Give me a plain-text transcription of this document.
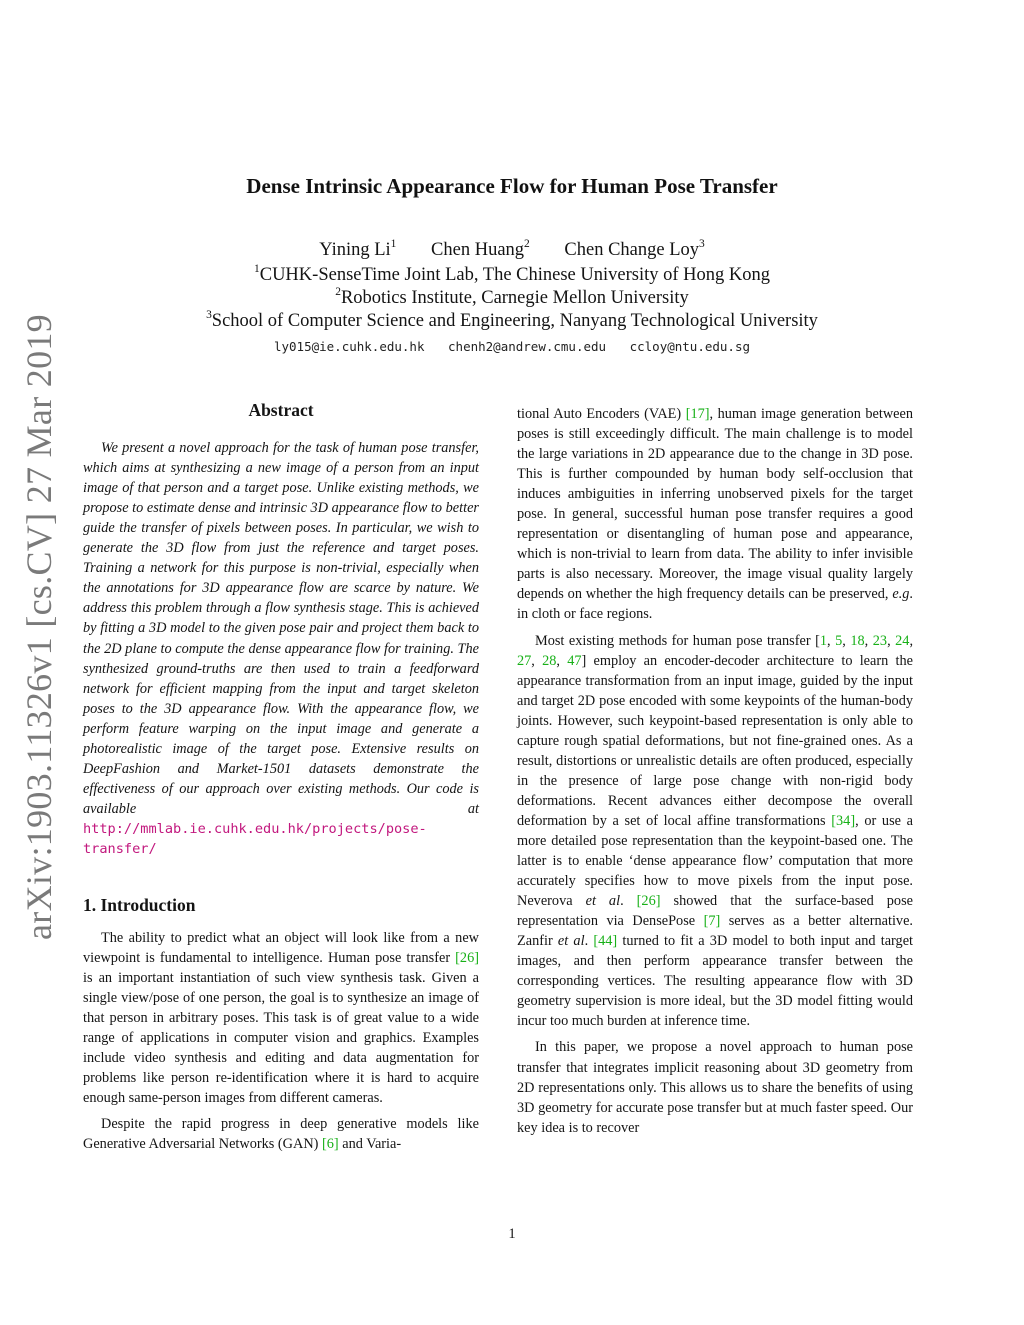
arXiv:1903.11326v1 [cs.CV] 27 Mar 2019
Dense Intrinsic Appearance Flow for Human Pose Transfer
Yining Li$^1$ Chen Huang$^2$ Chen Change Loy$^3$
$^1$CUHK-SenseTime Joint Lab, The Chinese University of Hong Kong
$^2$Robotics Institute, Carnegie Mellon University
$^3$School of Computer Science and Engineering, Nanyang Technological University
ly015@ie.cuhk.edu.hk chenh2@andrew.cmu.edu ccloy@ntu.edu.sg
Abstract

We present a novel approach for the task of human pose transfer, which aims at synthesizing a new image of a person from an input image of that person and a target pose. Unlike existing methods, we propose to estimate dense and intrinsic 3D appearance flow to better guide the transfer of pixels between poses. In particular, we wish to generate the 3D flow from just the reference and target poses. Training a network for this purpose is non-trivial, especially when the annotations for 3D appearance flow are scarce by nature. We address this problem through a flow synthesis stage. This is achieved by fitting a 3D model to the given pose pair and project them back to the 2D plane to compute the dense appearance flow for training. The synthesized ground-truths are then used to train a feedforward network for efficient mapping from the input and target skeleton poses to the 3D appearance flow. With the appearance flow, we perform feature warping on the input image and generate a photorealistic image of the target pose. Extensive results on DeepFashion and Market-1501 datasets demonstrate the effectiveness of our approach over existing methods. Our code is available at http://mmlab.ie.cuhk.edu.hk/projects/pose-transfer/

1. Introduction

The ability to predict what an object will look like from a new viewpoint is fundamental to intelligence. Human pose transfer [26] is an important instantiation of such view synthesis task. Given a single view/pose of one person, the goal is to synthesize an image of that person in arbitrary poses. This task is of great value to a wide range of applications in computer vision and graphics. Examples include video synthesis and editing and data augmentation for problems like person re-identification where it is hard to acquire enough same-person images from different cameras.

Despite the rapid progress in deep generative models like Generative Adversarial Networks (GAN) [6] and Varia-

tional Auto Encoders (VAE) [17], human image generation between poses is still exceedingly difficult. The main challenge is to model the large variations in 2D appearance due to the change in 3D pose. This is further compounded by human body self-occlusion that induces ambiguities in inferring unobserved pixels for the target pose. In general, successful human pose transfer requires a good representation or disentangling of human pose and appearance, which is non-trivial to learn from data. The ability to infer invisible parts is also necessary. Moreover, the image visual quality largely depends on whether the high frequency details can be preserved, e.g. in cloth or face regions.

Most existing methods for human pose transfer [1, 5, 18, 23, 24, 27, 28, 47] employ an encoder-decoder architecture to learn the appearance transformation from an input image, guided by the input and target 2D pose encoded with some keypoints of the human-body joints. However, such keypoint-based representation is only able to capture rough spatial deformations, but not fine-grained ones. As a result, distortions or unrealistic details are often produced, especially in the presence of large pose change with non-rigid body deformations. Recent advances either decompose the overall deformation by a set of local affine transformations [34], or use a more detailed pose representation than the keypoint-based one. The latter is to enable ‘dense appearance flow’ computation that more accurately specifies how to move pixels from the input pose. Neverova et al. [26] showed that the surface-based pose representation via DensePose [7] serves as a better alternative. Zanfir et al. [44] turned to fit a 3D model to both input and target images, and then perform appearance transfer between the corresponding vertices. The resulting appearance flow with 3D geometry supervision is more ideal, but the 3D model fitting would incur too much burden at inference time.

In this paper, we propose a novel approach to human pose transfer that integrates implicit reasoning about 3D geometry from 2D representations only. This allows us to share the benefits of using 3D geometry for accurate pose transfer but at much faster speed. Our key idea is to recover

1
